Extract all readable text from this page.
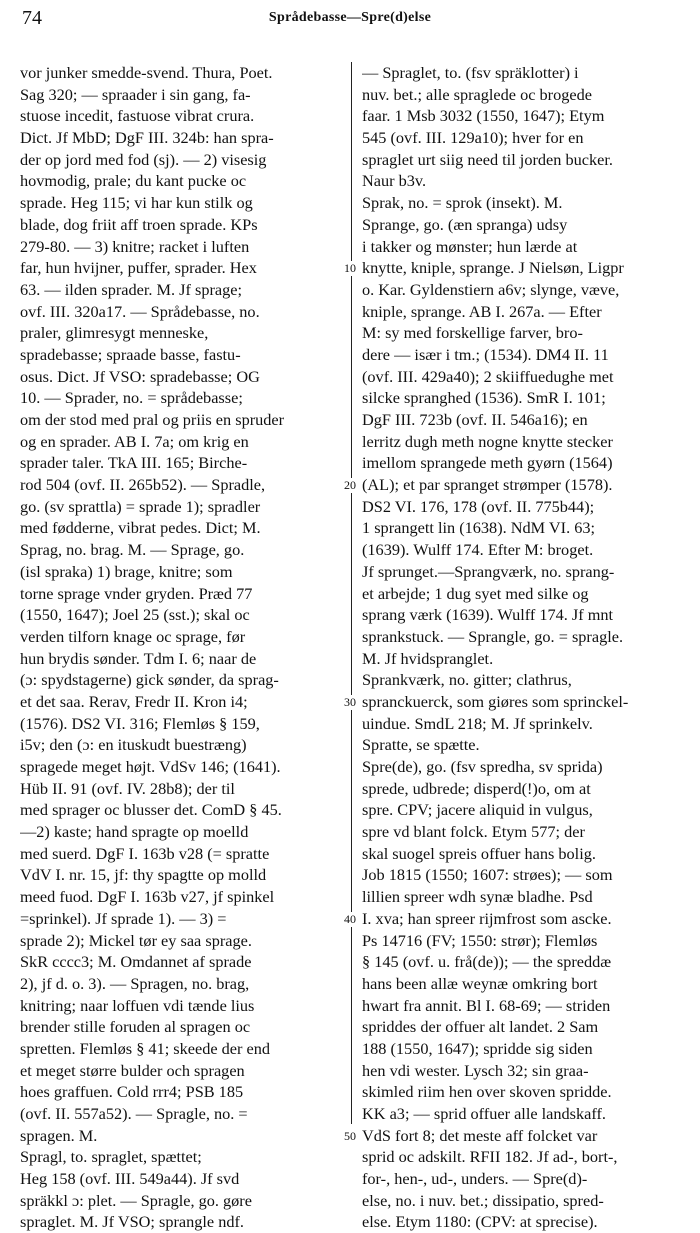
74	Språdebasse—Spre(d)else
vor junker smedde-svend. Thura, Poet.
Sag 320; — spraader i sin gang, fa-
stuose incedit, fastuose vibrat crura.
Dict. Jf MbD; DgF III. 324b: han spra-
der op jord med fod (sj). — 2) visesig
hovmodig, prale; du kant pucke oc
sprade. Heg 115; vi har kun stilk og
blade, dog friit aff troen sprade. KPs
279-80. — 3) knitre; racket i luften
far, hun hvijner, puffer, sprader. Hex
63. — ilden sprader. M. Jf sprage;
ovf. III. 320a17. — Språdebasse, no.
praler, glimresygt menneske,
spradebasse; spraade basse, fastu-
osus. Dict. Jf VSO: spradebasse; OG
10. — Sprader, no. = språdebasse;
om der stod med pral og priis en spruder
og en sprader. AB I. 7a; om krig en
sprader taler. TkA III. 165; Birche-
rod 504 (ovf. II. 265b52). — Spradle,
go. (sv sprattla) = sprade 1); spradler
med fødderne, vibrat pedes. Dict; M.
Sprag, no. brag. M. — Sprage, go.
(isl spraka) 1) brage, knitre; som
torne sprage vnder gryden. Præd 77
(1550, 1647); Joel 25 (sst.); skal oc
verden tilforn knage oc sprage, før
hun brydis sønder. Tdm I. 6; naar de
(ɔ: spydstagerne) gick sønder, da sprag-
et det saa. Rerav, Fredr II. Kron i4;
(1576). DS2 VI. 316; Flemløs § 159,
i5v; den (ɔ: en ituskudt buestræng)
spragede meget højt. VdSv 146; (1641).
Hüb II. 91 (ovf. IV. 28b8); der til
med sprager oc blusser det. ComD § 45.
—2) kaste; hand spragte op moelld
med suerd. DgF I. 163b v28 (= spratte
VdV I. nr. 15, jf: thy spagtte op molld
meed fuod. DgF I. 163b v27, jf spinkel
=sprinkel). Jf sprade 1). — 3) =
sprade 2); Mickel tør ey saa sprage.
SkR cccc3; M. Omdannet af sprade
2), jf d. o. 3). — Spragen, no. brag,
knitring; naar loffuen vdi tænde lius
brender stille foruden al spragen oc
spretten. Flemløs § 41; skeede der end
et meget større bulder och spragen
hoes graffuen. Cold rrr4; PSB 185
(ovf. II. 557a52). — Spragle, no. =
spragen. M.
Spragl, to. spraglet, spættet;
Heg 158 (ovf. III. 549a44). Jf svd
spräkkl ɔ: plet. — Spragle, go. gøre
spraglet. M. Jf VSO; sprangle ndf.
10
20
30
40
50
— Spraglet, to. (fsv spräklotter) i
nuv. bet.; alle spraglede oc brogede
faar. 1 Msb 3032 (1550, 1647); Etym
545 (ovf. III. 129a10); hver for en
spraglet urt siig need til jorden bucker.
Naur b3v.
Sprak, no. = sprok (insekt). M.
Sprange, go. (æn spranga) udsy
i takker og mønster; hun lærde at
knytte, kniple, sprange. J Nielsøn, Ligpr
o. Kar. Gyldenstiern a6v; slynge, væve,
kniple, sprange. AB I. 267a. — Efter
M: sy med forskellige farver, bro-
dere — især i tm.; (1534). DM4 II. 11
(ovf. III. 429a40); 2 skiiffuedughe met
silcke spranghed (1536). SmR I. 101;
DgF III. 723b (ovf. II. 546a16); en
lerritz dugh meth nogne knytte stecker
imellom sprangede meth gyørn (1564)
(AL); et par spranget strømper (1578).
DS2 VI. 176, 178 (ovf. II. 775b44);
1 sprangett lin (1638). NdM VI. 63;
(1639). Wulff 174. Efter M: broget.
Jf sprunget.—Sprangværk, no. sprang-
et arbejde; 1 dug syet med silke og
sprang værk (1639). Wulff 174. Jf mnt
sprankstuck. — Sprangle, go. = spragle.
M. Jf hvidspranglet.
Sprankværk, no. gitter; clathrus,
spranckuerck, som giøres som sprinckel-
uindue. SmdL 218; M. Jf sprinkelv.
Spratte, se spætte.
Spre(de), go. (fsv spredha, sv sprida)
sprede, udbrede; disperd(!)o, om at
spre. CPV; jacere aliquid in vulgus,
spre vd blant folck. Etym 577; der
skal suogel spreis offuer hans bolig.
Job 1815 (1550; 1607: strøes); — som
lillien spreer wdh synæ bladhe. Psd
I. xva; han spreer rijmfrost som ascke.
Ps 14716 (FV; 1550: strør); Flemløs
§ 145 (ovf. u. frå(de)); — the spreddæ
hans been allæ weynæ omkring bort
hwart fra annit. Bl I. 68-69; — striden
spriddes der offuer alt landet. 2 Sam
188 (1550, 1647); spridde sig siden
hen vdi wester. Lysch 32; sin graa-
skimled riim hen over skoven spridde.
KK a3; — sprid offuer alle landskaff.
VdS fort 8; det meste aff folcket var
sprid oc adskilt. RFII 182. Jf ad-, bort-,
for-, hen-, ud-, unders. — Spre(d)-
else, no. i nuv. bet.; dissipatio, spred-
else. Etym 1180: (CPV: at sprecise).
